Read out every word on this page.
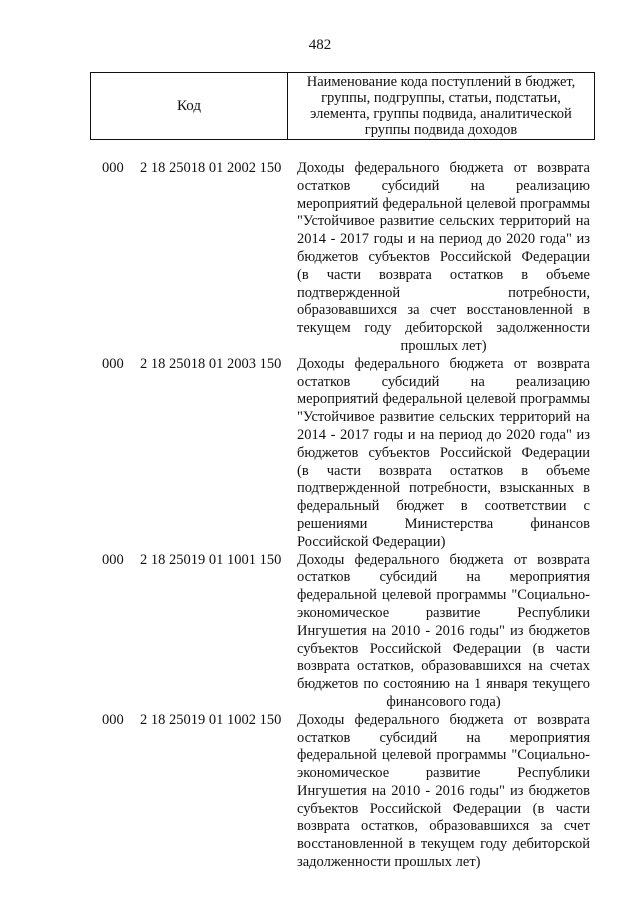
482
Код
Наименование кода поступлений в бюджет,
группы, подгруппы, статьи, подстатьи,
элемента, группы подвида, аналитической
группы подвида доходов
000 2 18 25018 01 2002 150 Доходы федерального бюджета от возврата
остатков субсидий на реализацию
мероприятий федеральной целевой программы
"Устойчивое развитие сельских территорий на
2014 - 2017 годы и на период до 2020 года" из
бюджетов субъектов Российской Федерации
(в части возврата остатков в объеме
подтвержденной потребности,
образовавшихся за счет восстановленной в
текущем году дебиторской задолженности
прошлых лет)
000 2 18 25018 01 2003 150 Доходы федерального бюджета от возврата
остатков субсидий на реализацию
мероприятий федеральной целевой программы
"Устойчивое развитие сельских территорий на
2014 - 2017 годы и на период до 2020 года" из
бюджетов субъектов Российской Федерации
(в части возврата остатков в объеме
подтвержденной потребности, взысканных в
федеральный бюджет в соответствии с
решениями Министерства финансов
Российской Федерации)
000 2 18 25019 01 1001 150 Доходы федерального бюджета от возврата
остатков субсидий на мероприятия
федеральной целевой программы "Социально-
экономическое развитие Республики
Ингушетия на 2010 - 2016 годы" из бюджетов
субъектов Российской Федерации (в части
возврата остатков, образовавшихся на счетах
бюджетов по состоянию на 1 января текущего
финансового года)
000 2 18 25019 01 1002 150 Доходы федерального бюджета от возврата
остатков субсидий на мероприятия
федеральной целевой программы "Социально-
экономическое развитие Республики
Ингушетия на 2010 - 2016 годы" из бюджетов
субъектов Российской Федерации (в части
возврата остатков, образовавшихся за счет
восстановленной в текущем году дебиторской
задолженности прошлых лет)
